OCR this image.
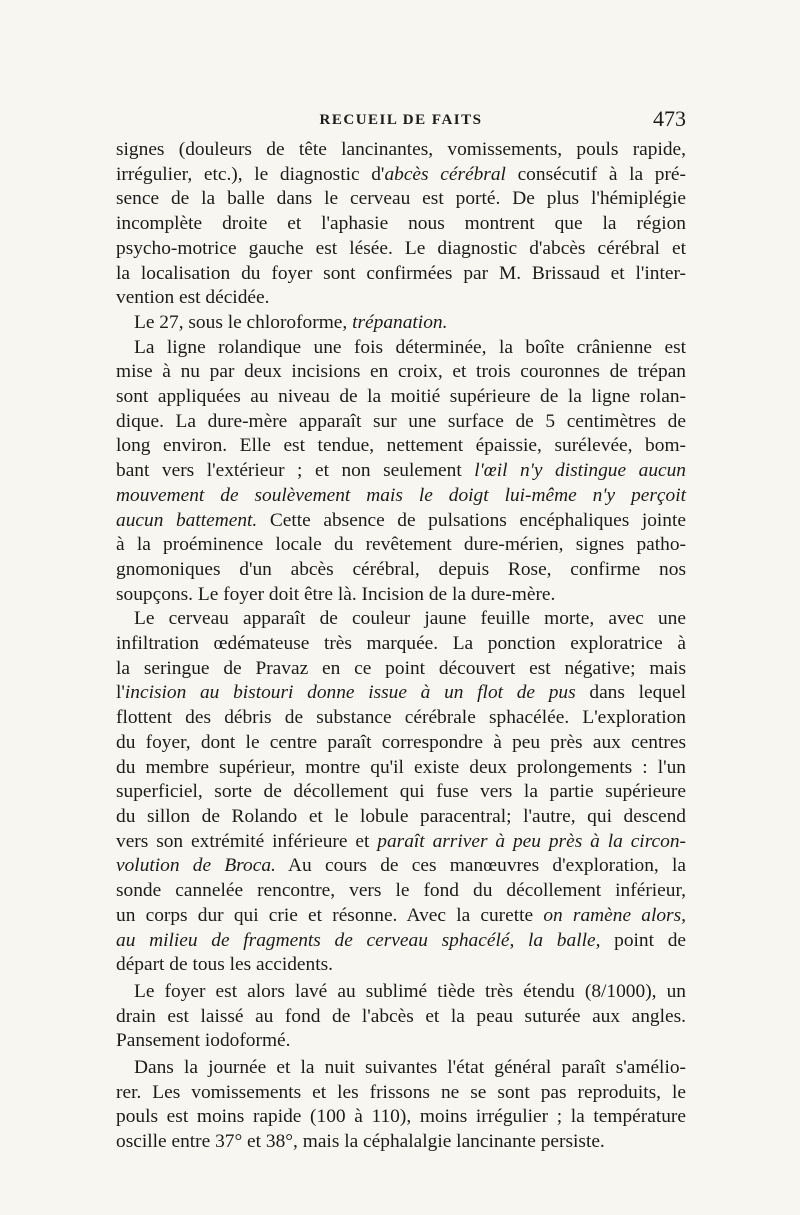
RECUEIL DE FAITS	473
signes (douleurs de tête lancinantes, vomissements, pouls rapide,
irrégulier, etc.), le diagnostic d'abcès cérébral consécutif à la pré-
sence de la balle dans le cerveau est porté. De plus l'hémiplégie
incomplète droite et l'aphasie nous montrent que la région
psycho-motrice gauche est lésée. Le diagnostic d'abcès cérébral et
la localisation du foyer sont confirmées par M. Brissaud et l'inter-
vention est décidée.
Le 27, sous le chloroforme, trépanation.
La ligne rolandique une fois déterminée, la boîte crânienne est
mise à nu par deux incisions en croix, et trois couronnes de trépan
sont appliquées au niveau de la moitié supérieure de la ligne rolan-
dique. La dure-mère apparaît sur une surface de 5 centimètres de
long environ. Elle est tendue, nettement épaissie, surélevée, bom-
bant vers l'extérieur ; et non seulement l'œil n'y distingue aucun
mouvement de soulèvement mais le doigt lui-même n'y perçoit
aucun battement. Cette absence de pulsations encéphaliques jointe
à la proéminence locale du revêtement dure-mérien, signes patho-
gnomoniques d'un abcès cérébral, depuis Rose, confirme nos
soupçons. Le foyer doit être là. Incision de la dure-mère.
Le cerveau apparaît de couleur jaune feuille morte, avec une
infiltration œdémateuse très marquée. La ponction exploratrice à
la seringue de Pravaz en ce point découvert est négative; mais
l'incision au bistouri donne issue à un flot de pus dans lequel
flottent des débris de substance cérébrale sphacélée. L'exploration
du foyer, dont le centre paraît correspondre à peu près aux centres
du membre supérieur, montre qu'il existe deux prolongements : l'un
superficiel, sorte de décollement qui fuse vers la partie supérieure
du sillon de Rolando et le lobule paracentral; l'autre, qui descend
vers son extrémité inférieure et paraît arriver à peu près à la circon-
volution de Broca. Au cours de ces manœuvres d'exploration, la
sonde cannelée rencontre, vers le fond du décollement inférieur,
un corps dur qui crie et résonne. Avec la curette on ramène alors,
au milieu de fragments de cerveau sphacélé, la balle, point de
départ de tous les accidents.
Le foyer est alors lavé au sublimé tiède très étendu (8/1000), un
drain est laissé au fond de l'abcès et la peau suturée aux angles.
Pansement iodoformé.
Dans la journée et la nuit suivantes l'état général paraît s'amélio-
rer. Les vomissements et les frissons ne se sont pas reproduits, le
pouls est moins rapide (100 à 110), moins irrégulier ; la température
oscille entre 37° et 38°, mais la céphalalgie lancinante persiste.
